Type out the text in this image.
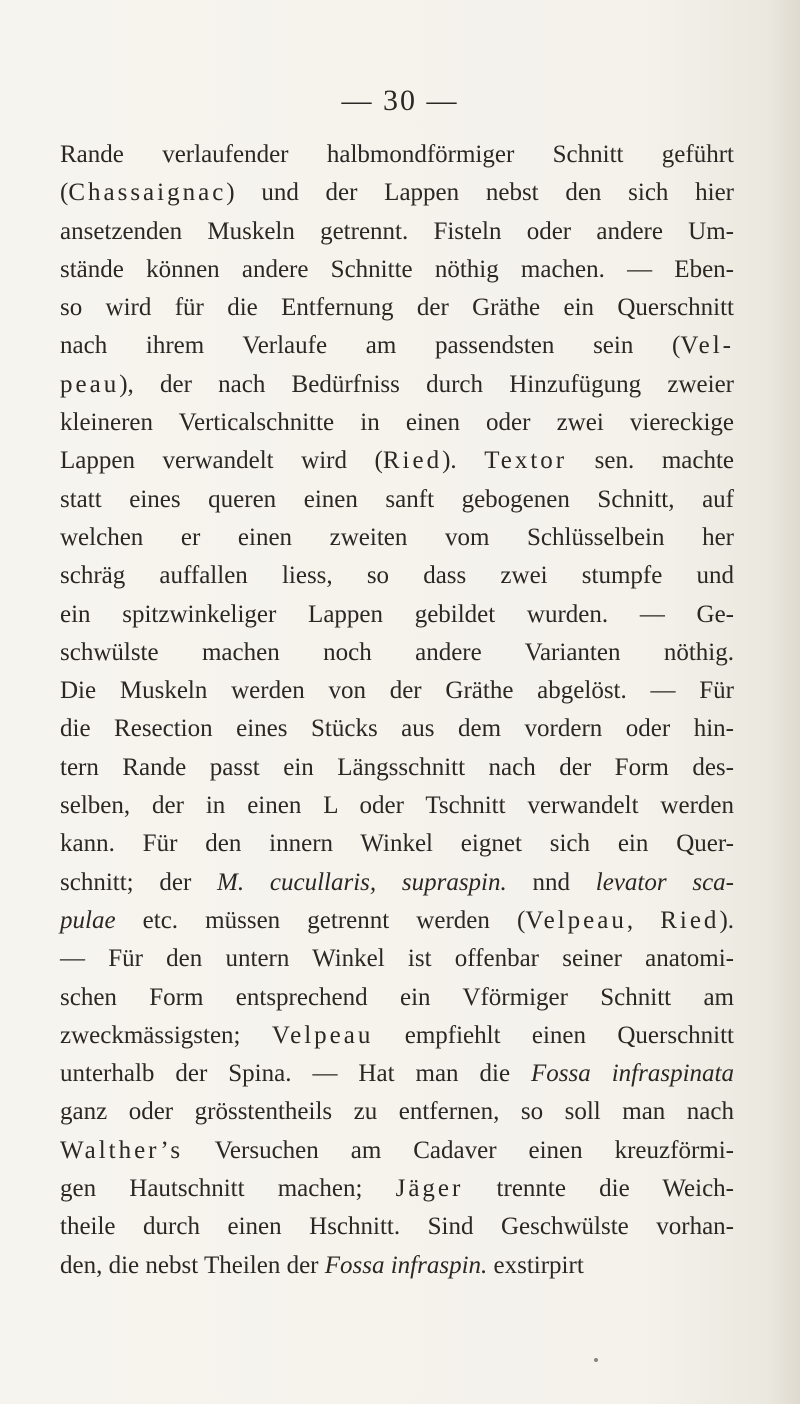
— 30 —
Rande verlaufender halbmondförmiger Schnitt geführt
(Chassaignac) und der Lappen nebst den sich hier
ansetzenden Muskeln getrennt. Fisteln oder andere Um-
stände können andere Schnitte nöthig machen. — Eben-
so wird für die Entfernung der Gräthe ein Querschnitt
nach ihrem Verlaufe am passendsten sein (Vel-
peau), der nach Bedürfniss durch Hinzufügung zweier
kleineren Verticalschnitte in einen oder zwei viereckige
Lappen verwandelt wird (Ried). Textor sen. machte
statt eines queren einen sanft gebogenen Schnitt, auf
welchen er einen zweiten vom Schlüsselbein her
schräg auffallen liess, so dass zwei stumpfe und
ein spitzwinkeliger Lappen gebildet wurden. — Ge-
schwülste machen noch andere Varianten nöthig.
Die Muskeln werden von der Gräthe abgelöst. — Für
die Resection eines Stücks aus dem vordern oder hin-
tern Rande passt ein Längsschnitt nach der Form des-
selben, der in einen L oder Tschnitt verwandelt werden
kann. Für den innern Winkel eignet sich ein Quer-
schnitt; der M. cucullaris, supraspin. nnd levator sca-
pulae etc. müssen getrennt werden (Velpeau, Ried).
— Für den untern Winkel ist offenbar seiner anatomi-
schen Form entsprechend ein Vförmiger Schnitt am
zweckmässigsten; Velpeau empfiehlt einen Querschnitt
unterhalb der Spina. — Hat man die Fossa infraspinata
ganz oder grösstentheils zu entfernen, so soll man nach
Walther’s Versuchen am Cadaver einen kreuzförmi-
gen Hautschnitt machen; Jäger trennte die Weich-
theile durch einen Hschnitt. Sind Geschwülste vorhan-
den, die nebst Theilen der Fossa infraspin. exstirpirt
